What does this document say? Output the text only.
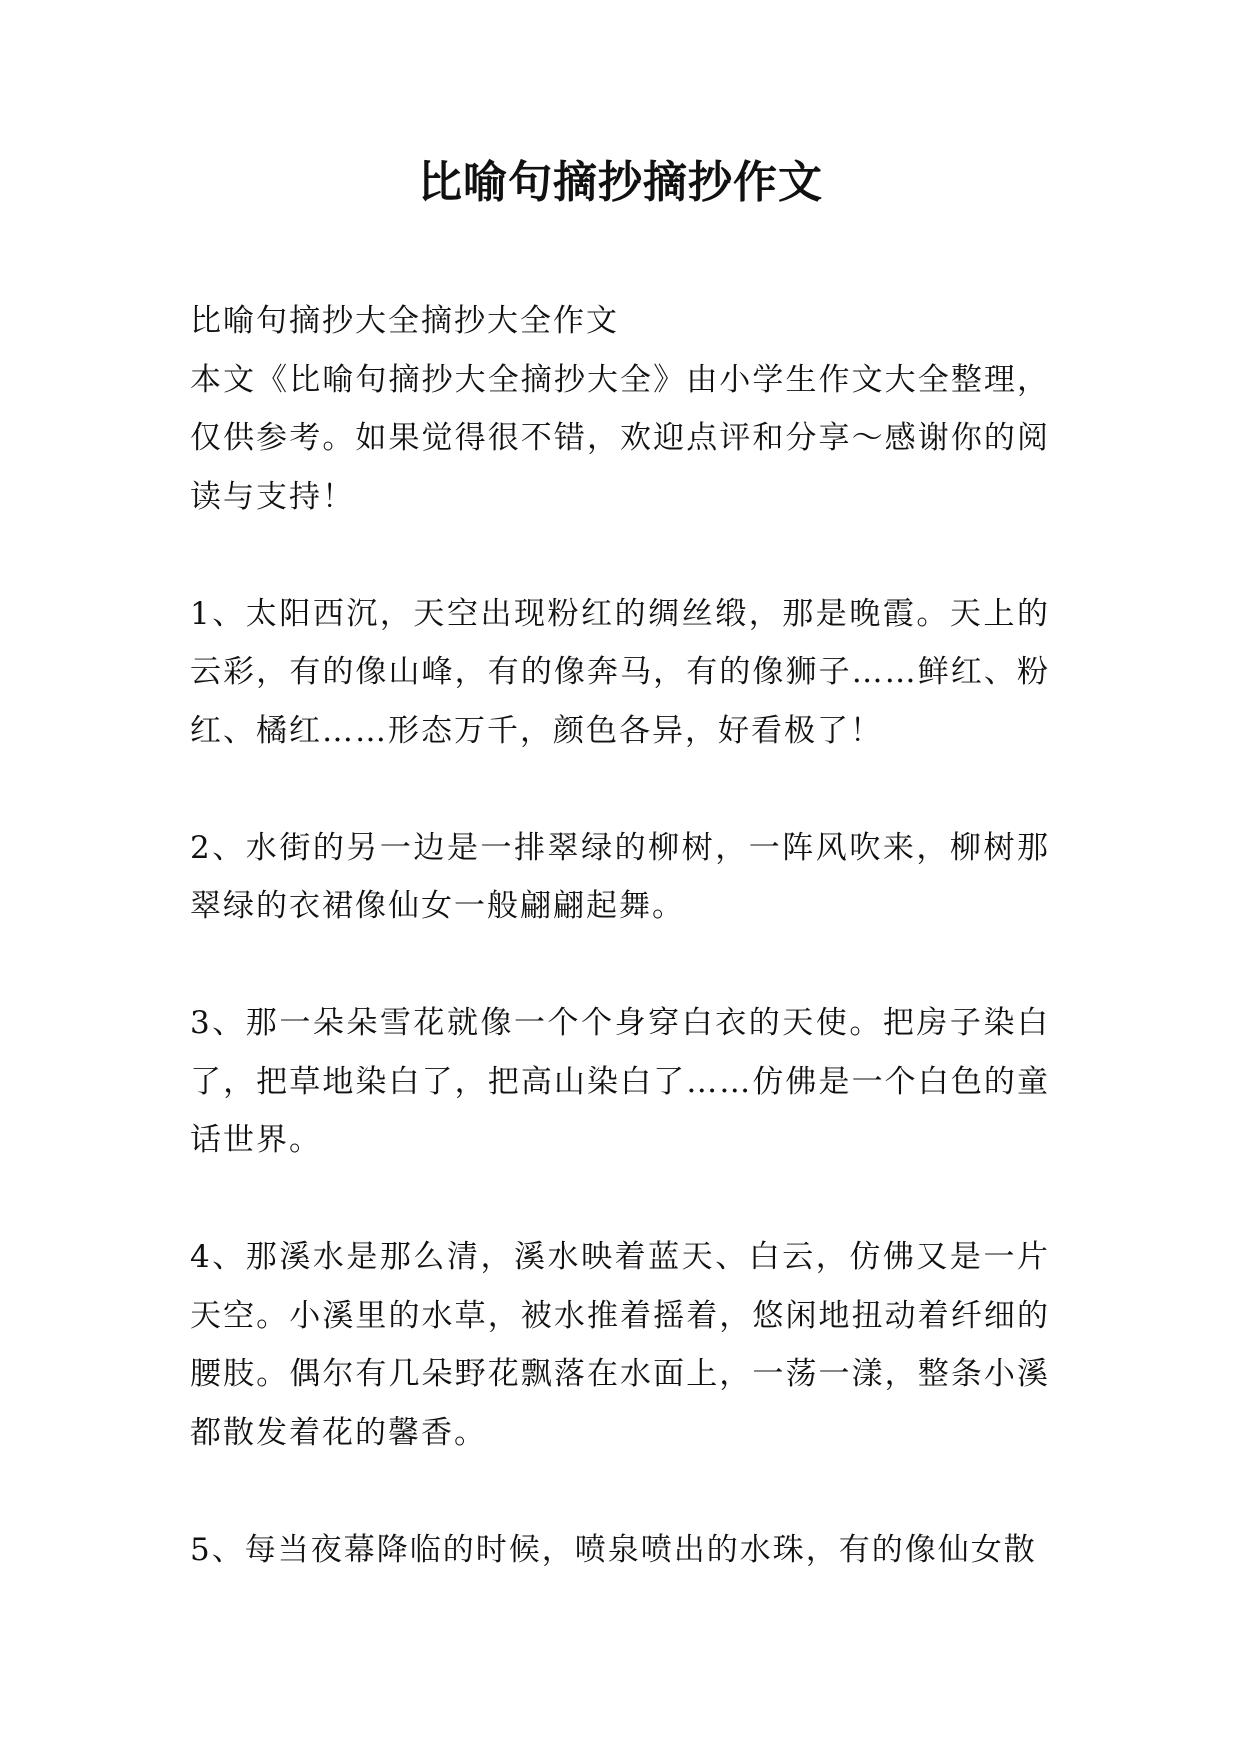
比喻句摘抄摘抄作文

比喻句摘抄大全摘抄大全作文

本文《比喻句摘抄大全摘抄大全》由小学生作文大全整理，仅供参考。如果觉得很不错，欢迎点评和分享～感谢你的阅读与支持！

1、太阳西沉，天空出现粉红的绸丝缎，那是晚霞。天上的云彩，有的像山峰，有的像奔马，有的像狮子……鲜红、粉红、橘红……形态万千，颜色各异，好看极了！

2、水街的另一边是一排翠绿的柳树，一阵风吹来，柳树那翠绿的衣裙像仙女一般翩翩起舞。

3、那一朵朵雪花就像一个个身穿白衣的天使。把房子染白了，把草地染白了，把高山染白了……仿佛是一个白色的童话世界。

4、那溪水是那么清，溪水映着蓝天、白云，仿佛又是一片天空。小溪里的水草，被水推着摇着，悠闲地扭动着纤细的腰肢。偶尔有几朵野花飘落在水面上，一荡一漾，整条小溪都散发着花的馨香。

5、每当夜幕降临的时候，喷泉喷出的水珠，有的像仙女散
